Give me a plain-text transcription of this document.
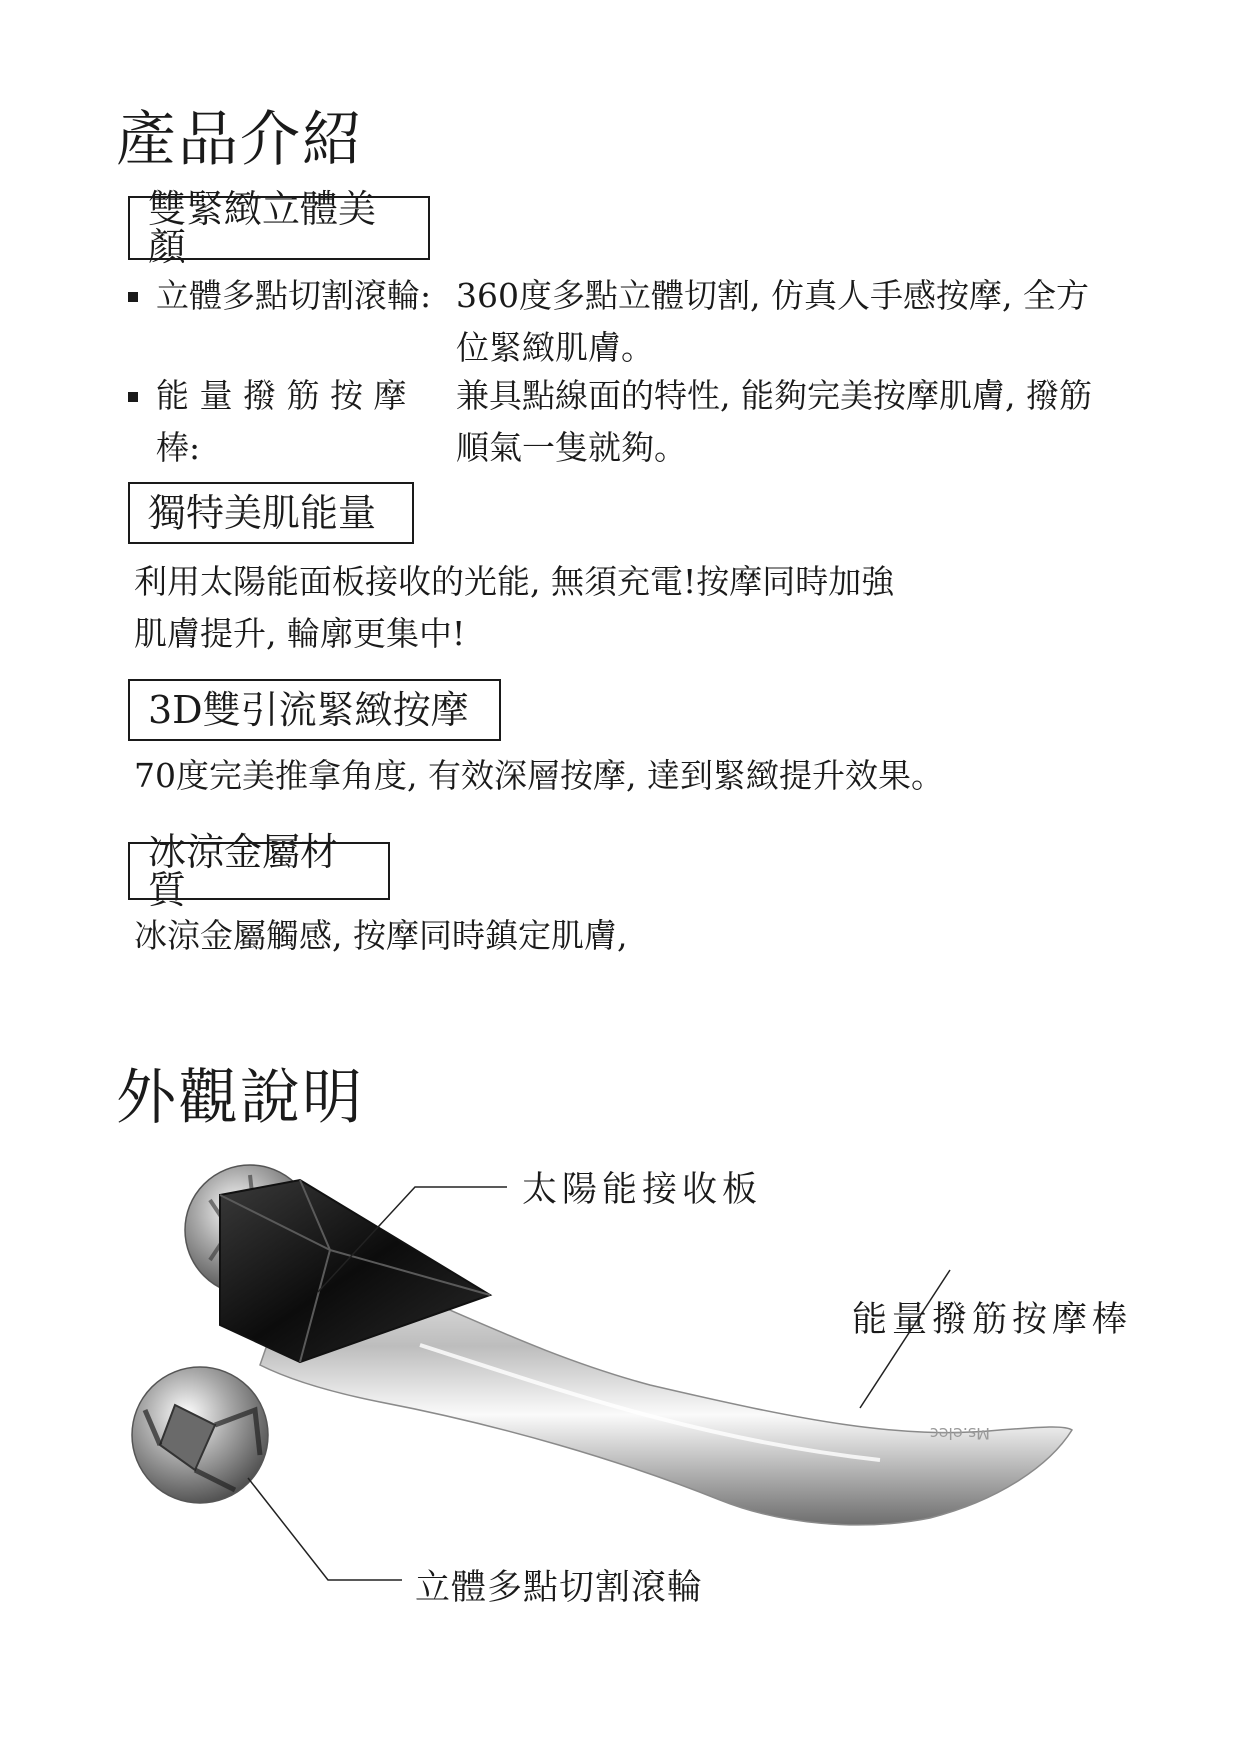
產品介紹
雙緊緻立體美顏
立體多點切割滾輪: 360度多點立體切割, 仿真人手感按摩, 全方位緊緻肌膚。
能 量 撥 筋 按 摩 棒:
兼具點線面的特性, 能夠完美按摩肌膚, 撥筋順氣一隻就夠。
獨特美肌能量

利用太陽能面板接收的光能, 無須充電!按摩同時加強

肌膚提升, 輪廓更集中!

3D雙引流緊緻按摩

70度完美推拿角度, 有效深層按摩, 達到緊緻提升效果。

冰涼金屬材質

冰涼金屬觸感, 按摩同時鎮定肌膚,

外觀說明
Ms.elec
太陽能接收板
能量撥筋按摩棒
立體多點切割滾輪
